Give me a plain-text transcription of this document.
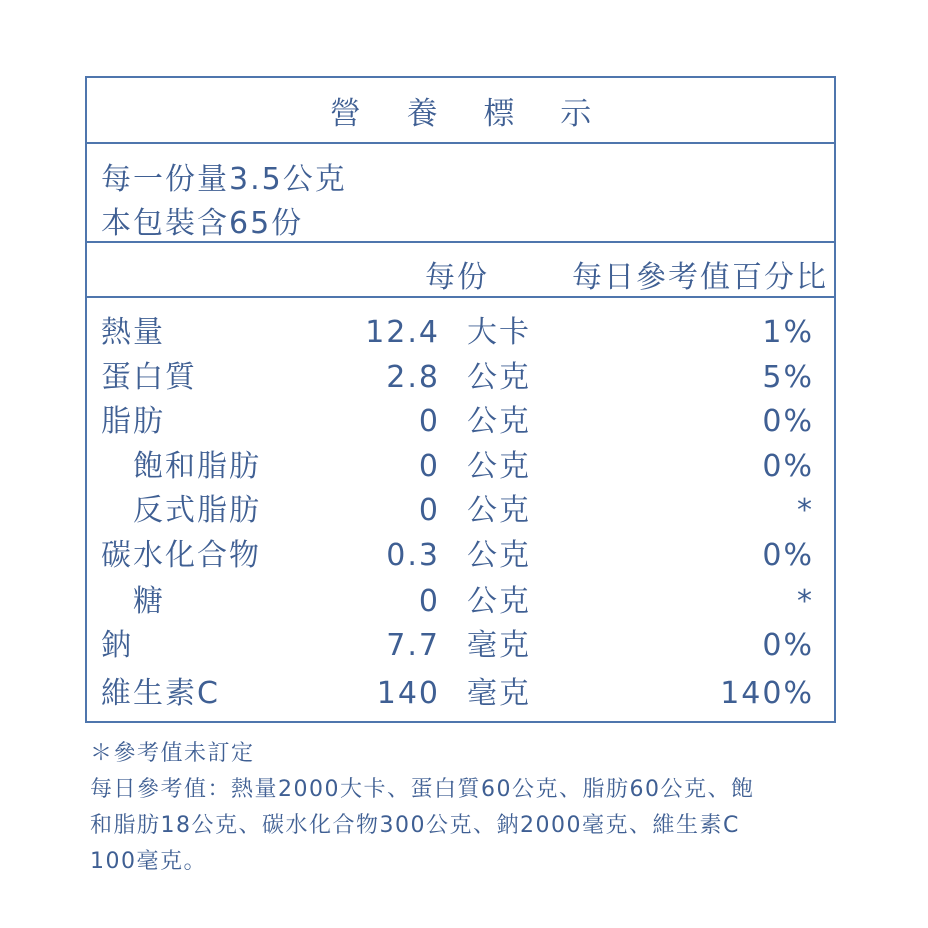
營 養 標 示
每一份量3.5公克
本包裝含65份
每份	每日參考值百分比
熱量	12.4 大卡	1%
蛋白質	2.8 公克	5%
脂肪	0 公克	0%
飽和脂肪	0 公克	0%
反式脂肪	0 公克	*
碳水化合物	0.3 公克	0%
糖	0 公克	*
鈉	7.7 毫克	0%
維生素C	140 毫克	140%

＊參考值未訂定

每日參考值：熱量2000大卡、蛋白質60公克、脂肪60公克、飽

和脂肪18公克、碳水化合物300公克、鈉2000毫克、維生素C

100毫克。
